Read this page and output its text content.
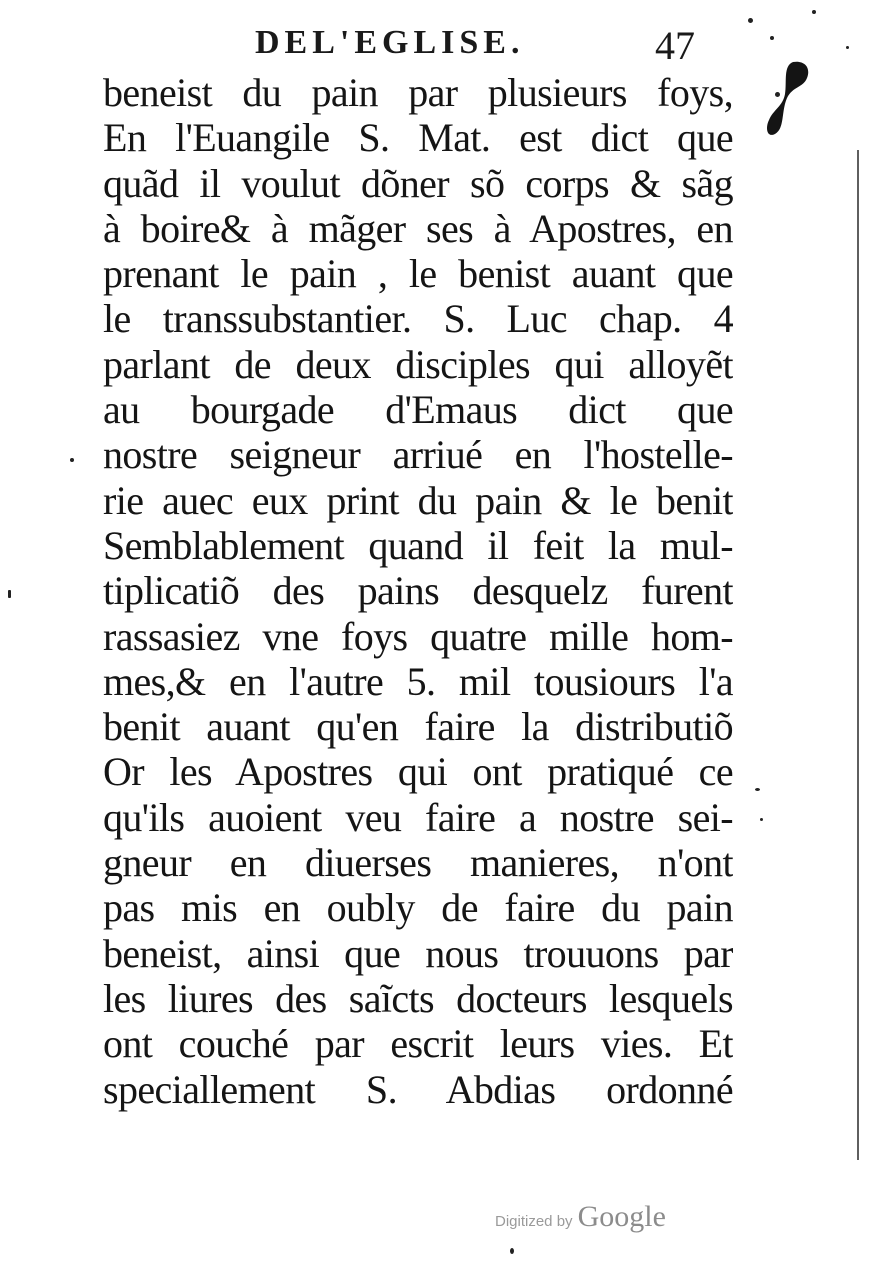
DEL'EGLISE.	47
beneist du pain par plusieurs foys,
En l'Euangile S. Mat. est dict que
quãd il voulut dõner sõ corps & sãg
à boire& à mãger ses à Apostres, en
prenant le pain , le benist auant que
le transsubstantier. S. Luc chap. 4
parlant de deux disciples qui alloyẽt
au bourgade d'Emaus dict que
nostre seigneur arriué en l'hostelle-
rie auec eux print du pain & le benit
Semblablement quand il feit la mul-
tiplicatiõ des pains desquelz furent
rassasiez vne foys quatre mille hom-
mes,& en l'autre 5. mil tousiours l'a
benit auant qu'en faire la distributiõ
Or les Apostres qui ont pratiqué ce
qu'ils auoient veu faire a nostre sei-
gneur en diuerses manieres, n'ont
pas mis en oubly de faire du pain
beneist, ainsi que nous trouuons par
les liures des saĩcts docteurs lesquels
ont couché par escrit leurs vies. Et
speciallement S. Abdias ordonné
Digitized by Google
